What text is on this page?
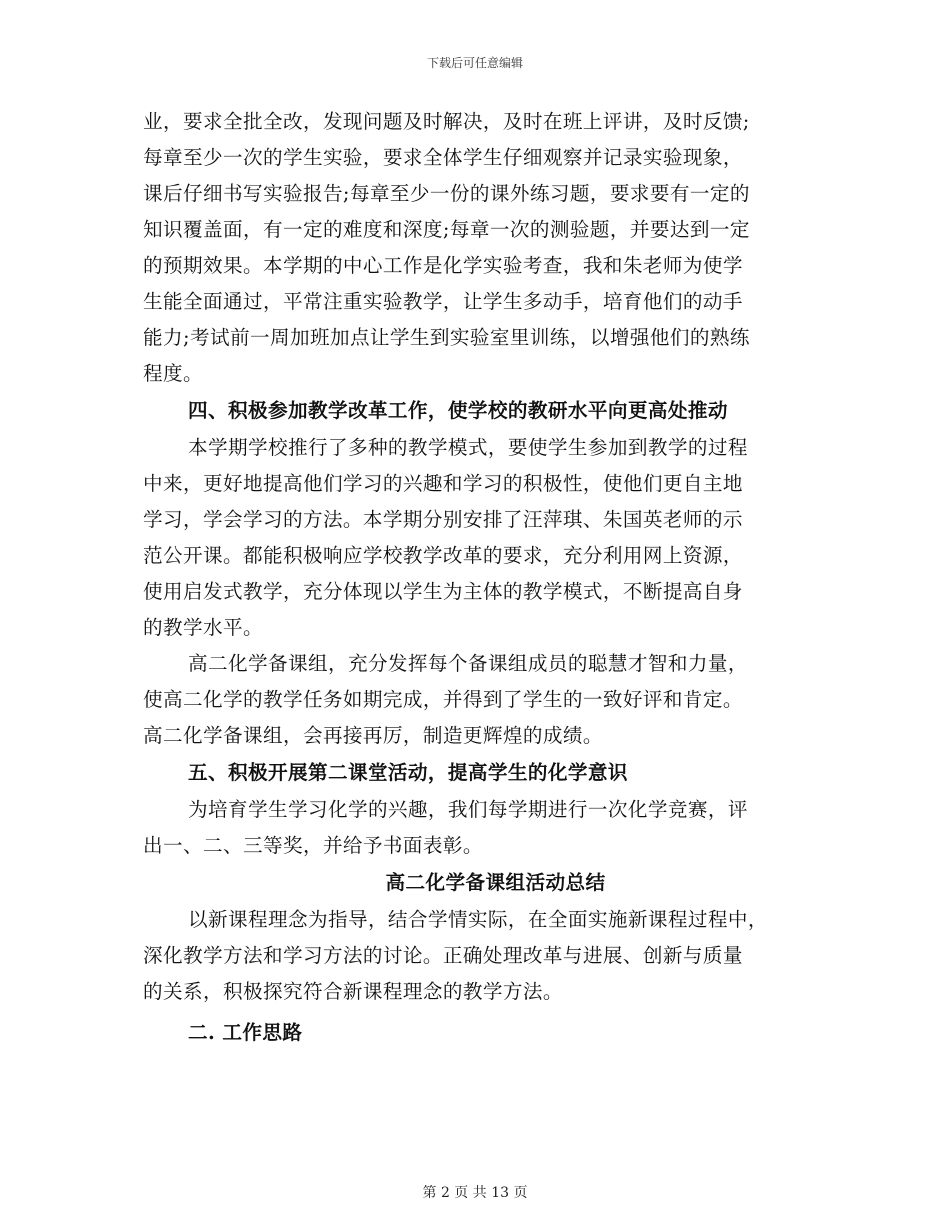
下载后可任意编辑
业，要求全批全改，发现问题及时解决，及时在班上评讲，及时反馈;
每章至少一次的学生实验，要求全体学生仔细观察并记录实验现象，
课后仔细书写实验报告;每章至少一份的课外练习题，要求要有一定的
知识覆盖面，有一定的难度和深度;每章一次的测验题，并要达到一定
的预期效果。本学期的中心工作是化学实验考查，我和朱老师为使学
生能全面通过，平常注重实验教学，让学生多动手，培育他们的动手
能力;考试前一周加班加点让学生到实验室里训练，以增强他们的熟练
程度。
四、积极参加教学改革工作，使学校的教研水平向更高处推动
本学期学校推行了多种的教学模式，要使学生参加到教学的过程
中来，更好地提高他们学习的兴趣和学习的积极性，使他们更自主地
学习，学会学习的方法。本学期分别安排了汪萍琪、朱国英老师的示
范公开课。都能积极响应学校教学改革的要求，充分利用网上资源，
使用启发式教学，充分体现以学生为主体的教学模式，不断提高自身
的教学水平。
高二化学备课组，充分发挥每个备课组成员的聪慧才智和力量，
使高二化学的教学任务如期完成，并得到了学生的一致好评和肯定。
高二化学备课组，会再接再厉，制造更辉煌的成绩。
五、积极开展第二课堂活动，提高学生的化学意识
为培育学生学习化学的兴趣，我们每学期进行一次化学竞赛，评
出一、二、三等奖，并给予书面表彰。
高二化学备课组活动总结
以新课程理念为指导，结合学情实际，在全面实施新课程过程中，
深化教学方法和学习方法的讨论。正确处理改革与进展、创新与质量
的关系，积极探究符合新课程理念的教学方法。
二. 工作思路
第 2 页 共 13 页
